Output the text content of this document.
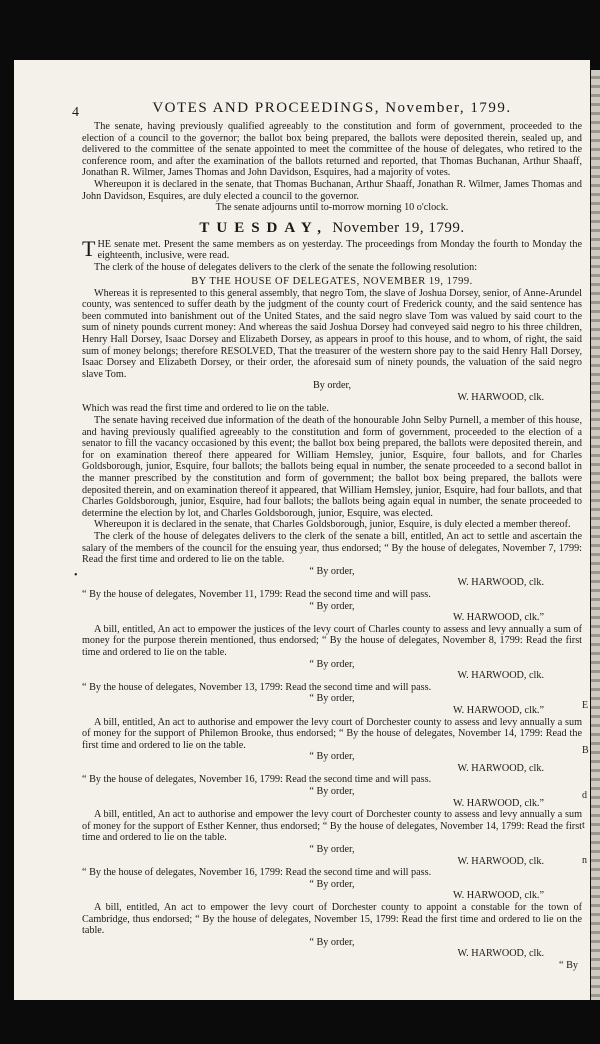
4	VOTES AND PROCEEDINGS, November, 1799.

The senate, having previously qualified agreeably to the constitution and form of government, proceeded to the election of a council to the governor; the ballot box being prepared, the ballots were deposited therein, sealed up, and delivered to the committee of the senate appointed to meet the committee of the house of delegates, who retired to the conference room, and after the examination of the ballots returned and reported, that Thomas Buchanan, Arthur Shaaff, Jonathan R. Wilmer, James Thomas and John Davidson, Esquires, had a majority of votes.

Whereupon it is declared in the senate, that Thomas Buchanan, Arthur Shaaff, Jonathan R. Wilmer, James Thomas and John Davidson, Esquires, are duly elected a council to the governor.

The senate adjourns until to-morrow morning 10 o'clock.

TUESDAY, November 19, 1799.

THE senate met. Present the same members as on yesterday. The proceedings from Monday the fourth to Monday the eighteenth, inclusive, were read.

The clerk of the house of delegates delivers to the clerk of the senate the following resolution:

BY THE HOUSE OF DELEGATES, NOVEMBER 19, 1799.

Whereas it is represented to this general assembly, that negro Tom, the slave of Joshua Dorsey, senior, of Anne-Arundel county, was sentenced to suffer death by the judgment of the county court of Frederick county, and the said sentence has been commuted into banishment out of the United States, and the said negro slave Tom was valued by said court to the sum of ninety pounds current money: And whereas the said Joshua Dorsey had conveyed said negro to his three children, Henry Hall Dorsey, Isaac Dorsey and Elizabeth Dorsey, as appears in proof to this house, and to whom, of right, the said sum of money belongs; therefore RESOLVED, That the treasurer of the western shore pay to the said Henry Hall Dorsey, Isaac Dorsey and Elizabeth Dorsey, or their order, the aforesaid sum of ninety pounds, the valuation of the said negro slave Tom.

By order,
W. HARWOOD, clk.

Which was read the first time and ordered to lie on the table.

The senate having received due information of the death of the honourable John Selby Purnell, a member of this house, and having previously qualified agreeably to the constitution and form of government, proceeded to the election of a senator to fill the vacancy occasioned by this event; the ballot box being prepared, the ballots were deposited therein, and for on examination thereof there appeared for William Hemsley, junior, Esquire, four ballots, and for Charles Goldsborough, junior, Esquire, four ballots; the ballots being equal in number, the senate proceeded to a second ballot in the manner prescribed by the constitution and form of government; the ballot box being prepared, the ballots were deposited therein, and on examination thereof it appeared, that William Hemsley, junior, Esquire, had four ballots, and that Charles Goldsborough, junior, Esquire, had four ballots; the ballots being again equal in number, the senate proceeded to determine the election by lot, and Charles Goldsborough, junior, Esquire, was elected.

Whereupon it is declared in the senate, that Charles Goldsborough, junior, Esquire, is duly elected a member thereof.

The clerk of the house of delegates delivers to the clerk of the senate a bill, entitled, An act to settle and ascertain the salary of the members of the council for the ensuing year, thus endorsed; “ By the house of delegates, November 7, 1799: Read the first time and ordered to lie on the table.

“ By order,
W. HARWOOD, clk.

“ By the house of delegates, November 11, 1799: Read the second time and will pass.

“ By order,
W. HARWOOD, clk.”

A bill, entitled, An act to empower the justices of the levy court of Charles county to assess and levy annually a sum of money for the purpose therein mentioned, thus endorsed; “ By the house of delegates, November 8, 1799: Read the first time and ordered to lie on the table.

“ By order,
W. HARWOOD, clk.

“ By the house of delegates, November 13, 1799: Read the second time and will pass.

“ By order,
W. HARWOOD, clk.”

A bill, entitled, An act to authorise and empower the levy court of Dorchester county to assess and levy annually a sum of money for the support of Philemon Brooke, thus endorsed; “ By the house of delegates, November 14, 1799: Read the first time and ordered to lie on the table.

“ By order,
W. HARWOOD, clk.

“ By the house of delegates, November 16, 1799: Read the second time and will pass.

“ By order,
W. HARWOOD, clk.”

A bill, entitled, An act to authorise and empower the levy court of Dorchester county to assess and levy annually a sum of money for the support of Esther Kenner, thus endorsed; “ By the house of delegates, November 14, 1799: Read the first time and ordered to lie on the table.

“ By order,
W. HARWOOD, clk.

“ By the house of delegates, November 16, 1799: Read the second time and will pass.

“ By order,
W. HARWOOD, clk.”

A bill, entitled, An act to empower the levy court of Dorchester county to appoint a constable for the town of Cambridge, thus endorsed; “ By the house of delegates, November 15, 1799: Read the first time and ordered to lie on the table.

“ By order,
W. HARWOOD, clk.
“ By
•
E
B
d
t
n
